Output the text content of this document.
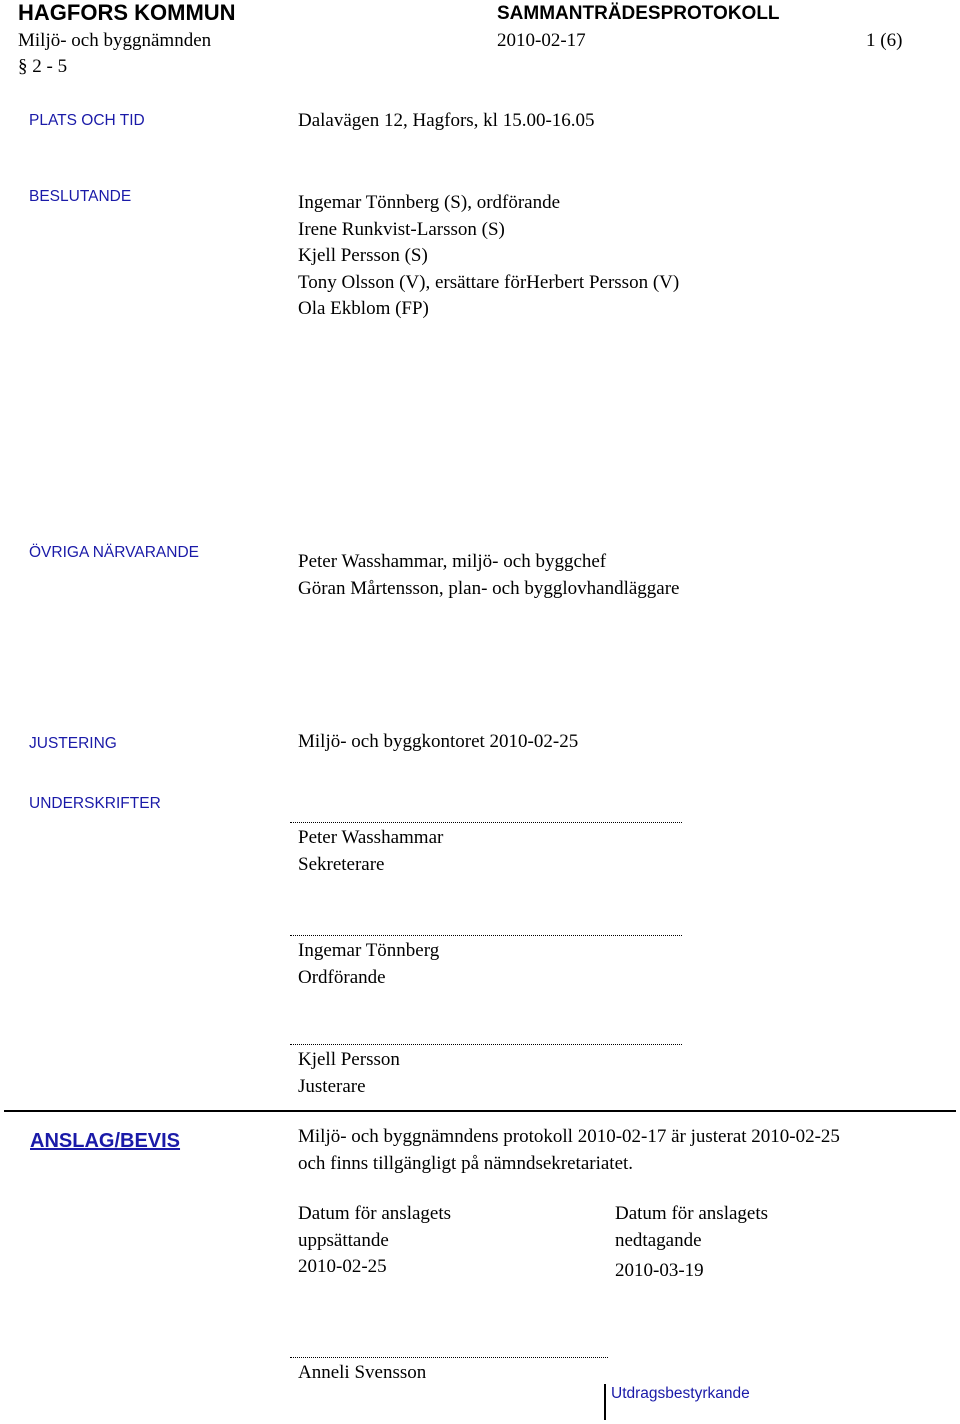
HAGFORS KOMMUN	SAMMANTRÄDESPROTOKOLL
Miljö- och byggnämnden	2010-02-17	1 (6)
§ 2 - 5
PLATS OCH TID	Dalavägen 12, Hagfors, kl 15.00-16.05
BESLUTANDE	Ingemar Tönnberg (S), ordförande
Irene Runkvist-Larsson (S)
Kjell Persson (S)
Tony Olsson (V), ersättare förHerbert Persson (V)
Ola Ekblom (FP)
ÖVRIGA NÄRVARANDE	Peter Wasshammar, miljö- och byggchef
Göran Mårtensson, plan- och bygglovhandläggare
JUSTERING	Miljö- och byggkontoret 2010-02-25
UNDERSKRIFTER
Peter Wasshammar
Sekreterare
Ingemar Tönnberg
Ordförande
Kjell Persson
Justerare
ANSLAG/BEVIS	Miljö- och byggnämndens protokoll 2010-02-17 är justerat 2010-02-25
och finns tillgängligt på nämndsekretariatet.
Datum för anslagets
uppsättande
2010-02-25
Datum för anslagets
nedtagande
2010-03-19
Anneli Svensson
Utdragsbestyrkande
